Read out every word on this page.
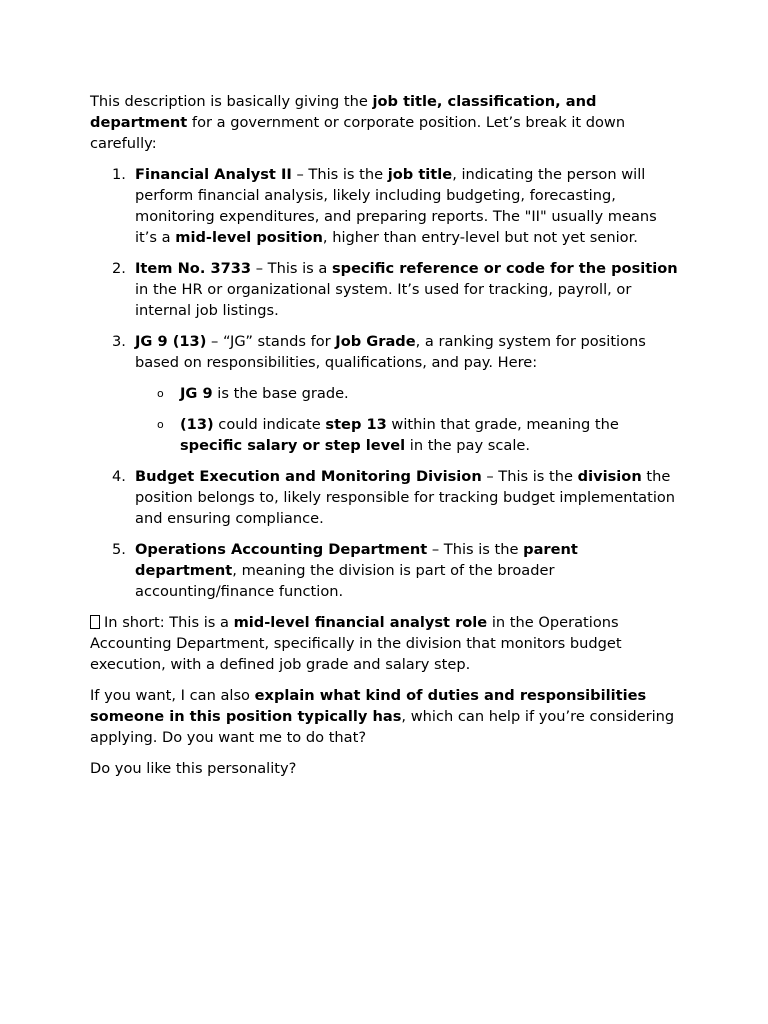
This description is basically giving the job title, classification, and department for a government or corporate position. Let’s break it down carefully:

1. Financial Analyst II – This is the job title, indicating the person will perform financial analysis, likely including budgeting, forecasting, monitoring expenditures, and preparing reports. The "II" usually means it’s a mid-level position, higher than entry-level but not yet senior.
2. Item No. 3733 – This is a specific reference or code for the position in the HR or organizational system. It’s used for tracking, payroll, or internal job listings.
3. JG 9 (13) – “JG” stands for Job Grade, a ranking system for positions based on responsibilities, qualifications, and pay. Here:
o JG 9 is the base grade.
o (13) could indicate step 13 within that grade, meaning the specific salary or step level in the pay scale.
4. Budget Execution and Monitoring Division – This is the division the position belongs to, likely responsible for tracking budget implementation and ensuring compliance.
5. Operations Accounting Department – This is the parent department, meaning the division is part of the broader accounting/finance function.

In short: This is a mid-level financial analyst role in the Operations Accounting Department, specifically in the division that monitors budget execution, with a defined job grade and salary step.

If you want, I can also explain what kind of duties and responsibilities someone in this position typically has, which can help if you’re considering applying. Do you want me to do that?

Do you like this personality?
